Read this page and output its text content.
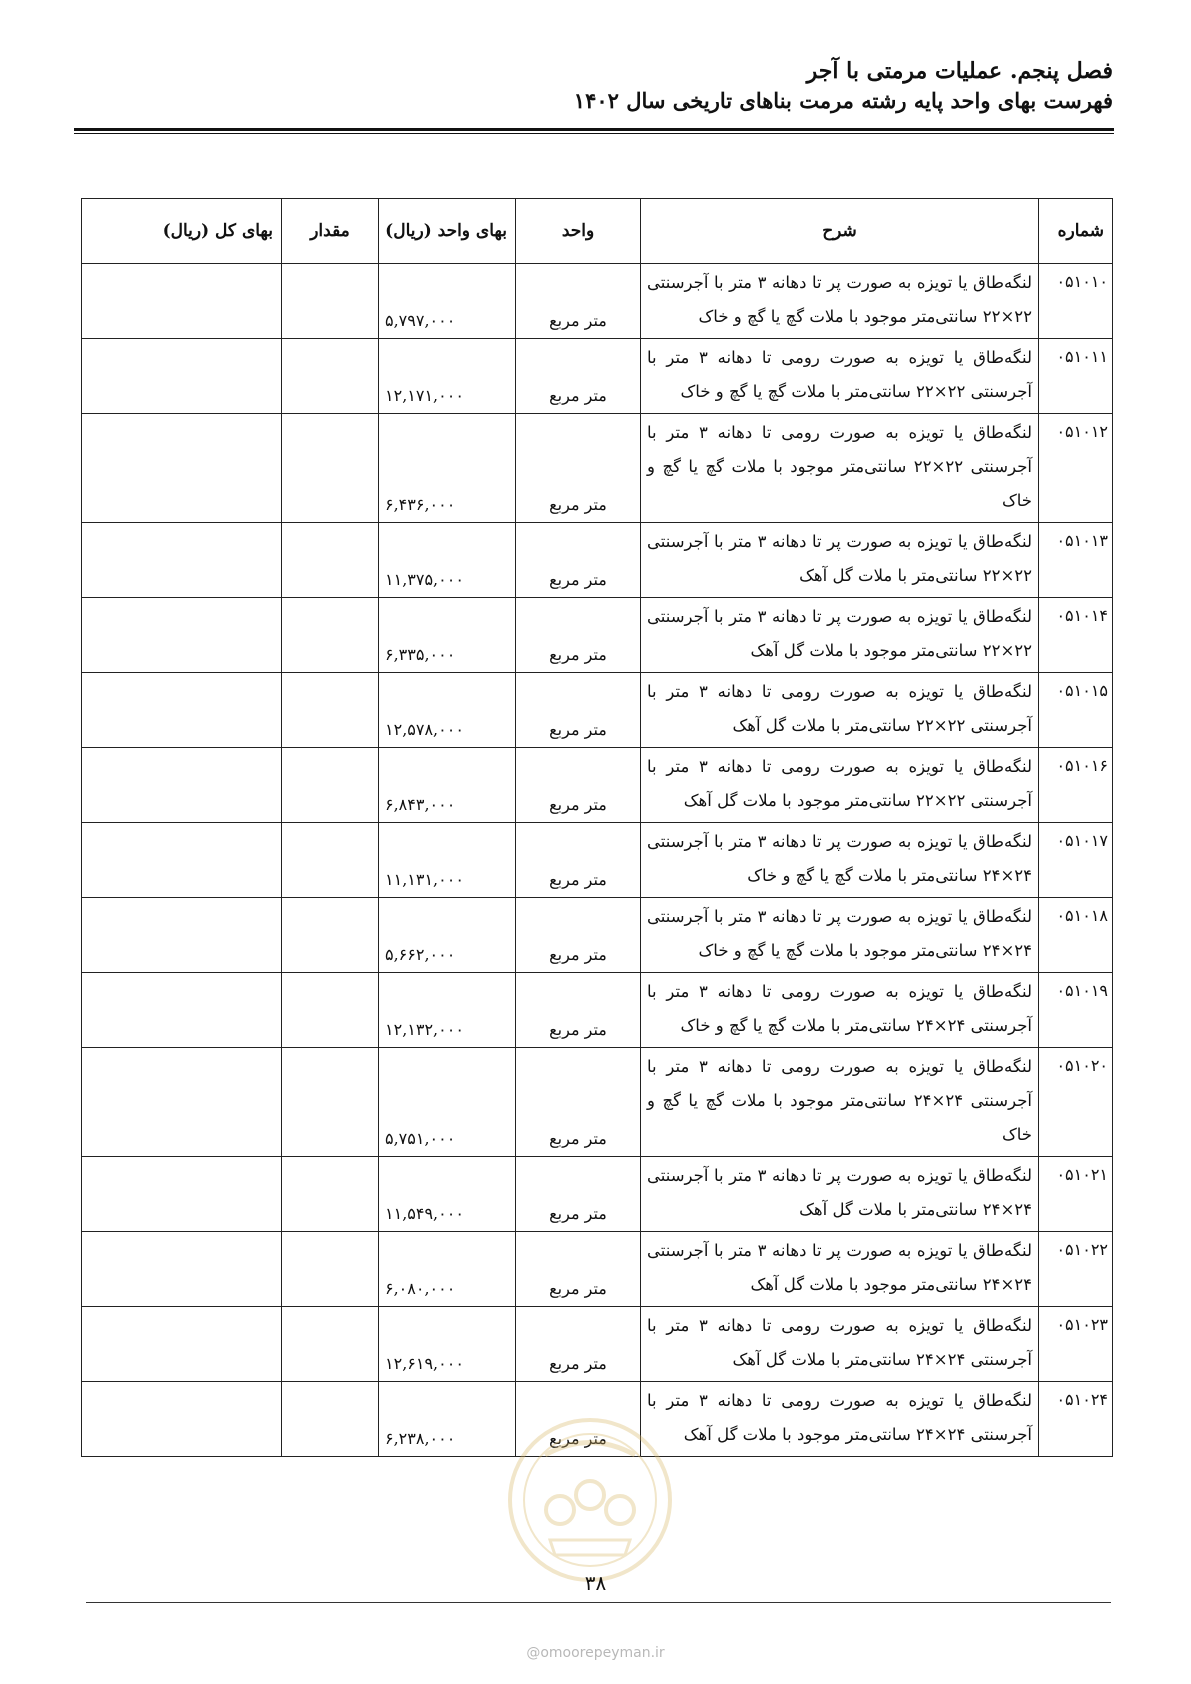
فصل پنجم. عملیات مرمتی با آجر

فهرست بهای واحد پایه رشته مرمت بناهای تاریخی سال ۱۴۰۲

شماره	شرح	واحد	بهای واحد (ریال)	مقدار	بهای کل (ریال)
۰۵۱۰۱۰	لنگه‌طاق یا تویزه به صورت پر تا دهانه ۳ متر با آجرسنتی ۲۲×۲۲ سانتی‌متر موجود با ملات گچ یا گچ و خاک	متر مربع	۵,۷۹۷,۰۰۰		
۰۵۱۰۱۱	لنگه‌طاق یا تویزه به صورت رومی تا دهانه ۳ متر با آجرسنتی ۲۲×۲۲ سانتی‌متر با ملات گچ یا گچ و خاک	متر مربع	۱۲,۱۷۱,۰۰۰		
۰۵۱۰۱۲	لنگه‌طاق یا تویزه به صورت رومی تا دهانه ۳ متر با آجرسنتی ۲۲×۲۲ سانتی‌متر موجود با ملات گچ یا گچ و خاک	متر مربع	۶,۴۳۶,۰۰۰		
۰۵۱۰۱۳	لنگه‌طاق یا تویزه به صورت پر تا دهانه ۳ متر با آجرسنتی ۲۲×۲۲ سانتی‌متر با ملات گل آهک	متر مربع	۱۱,۳۷۵,۰۰۰		
۰۵۱۰۱۴	لنگه‌طاق یا تویزه به صورت پر تا دهانه ۳ متر با آجرسنتی ۲۲×۲۲ سانتی‌متر موجود با ملات گل آهک	متر مربع	۶,۳۳۵,۰۰۰		
۰۵۱۰۱۵	لنگه‌طاق یا تویزه به صورت رومی تا دهانه ۳ متر با آجرسنتی ۲۲×۲۲ سانتی‌متر با ملات گل آهک	متر مربع	۱۲,۵۷۸,۰۰۰		
۰۵۱۰۱۶	لنگه‌طاق یا تویزه به صورت رومی تا دهانه ۳ متر با آجرسنتی ۲۲×۲۲ سانتی‌متر موجود با ملات گل آهک	متر مربع	۶,۸۴۳,۰۰۰		
۰۵۱۰۱۷	لنگه‌طاق یا تویزه به صورت پر تا دهانه ۳ متر با آجرسنتی ۲۴×۲۴ سانتی‌متر با ملات گچ یا گچ و خاک	متر مربع	۱۱,۱۳۱,۰۰۰		
۰۵۱۰۱۸	لنگه‌طاق یا تویزه به صورت پر تا دهانه ۳ متر با آجرسنتی ۲۴×۲۴ سانتی‌متر موجود با ملات گچ یا گچ و خاک	متر مربع	۵,۶۶۲,۰۰۰		
۰۵۱۰۱۹	لنگه‌طاق یا تویزه به صورت رومی تا دهانه ۳ متر با آجرسنتی ۲۴×۲۴ سانتی‌متر با ملات گچ یا گچ و خاک	متر مربع	۱۲,۱۳۲,۰۰۰		
۰۵۱۰۲۰	لنگه‌طاق یا تویزه به صورت رومی تا دهانه ۳ متر با آجرسنتی ۲۴×۲۴ سانتی‌متر موجود با ملات گچ یا گچ و خاک	متر مربع	۵,۷۵۱,۰۰۰		
۰۵۱۰۲۱	لنگه‌طاق یا تویزه به صورت پر تا دهانه ۳ متر با آجرسنتی ۲۴×۲۴ سانتی‌متر با ملات گل آهک	متر مربع	۱۱,۵۴۹,۰۰۰		
۰۵۱۰۲۲	لنگه‌طاق یا تویزه به صورت پر تا دهانه ۳ متر با آجرسنتی ۲۴×۲۴ سانتی‌متر موجود با ملات گل آهک	متر مربع	۶,۰۸۰,۰۰۰		
۰۵۱۰۲۳	لنگه‌طاق یا تویزه به صورت رومی تا دهانه ۳ متر با آجرسنتی ۲۴×۲۴ سانتی‌متر با ملات گل آهک	متر مربع	۱۲,۶۱۹,۰۰۰		
۰۵۱۰۲۴	لنگه‌طاق یا تویزه به صورت رومی تا دهانه ۳ متر با آجرسنتی ۲۴×۲۴ سانتی‌متر موجود با ملات گل آهک	متر مربع	۶,۲۳۸,۰۰۰		
۳۸
@omoorepeyman.ir
